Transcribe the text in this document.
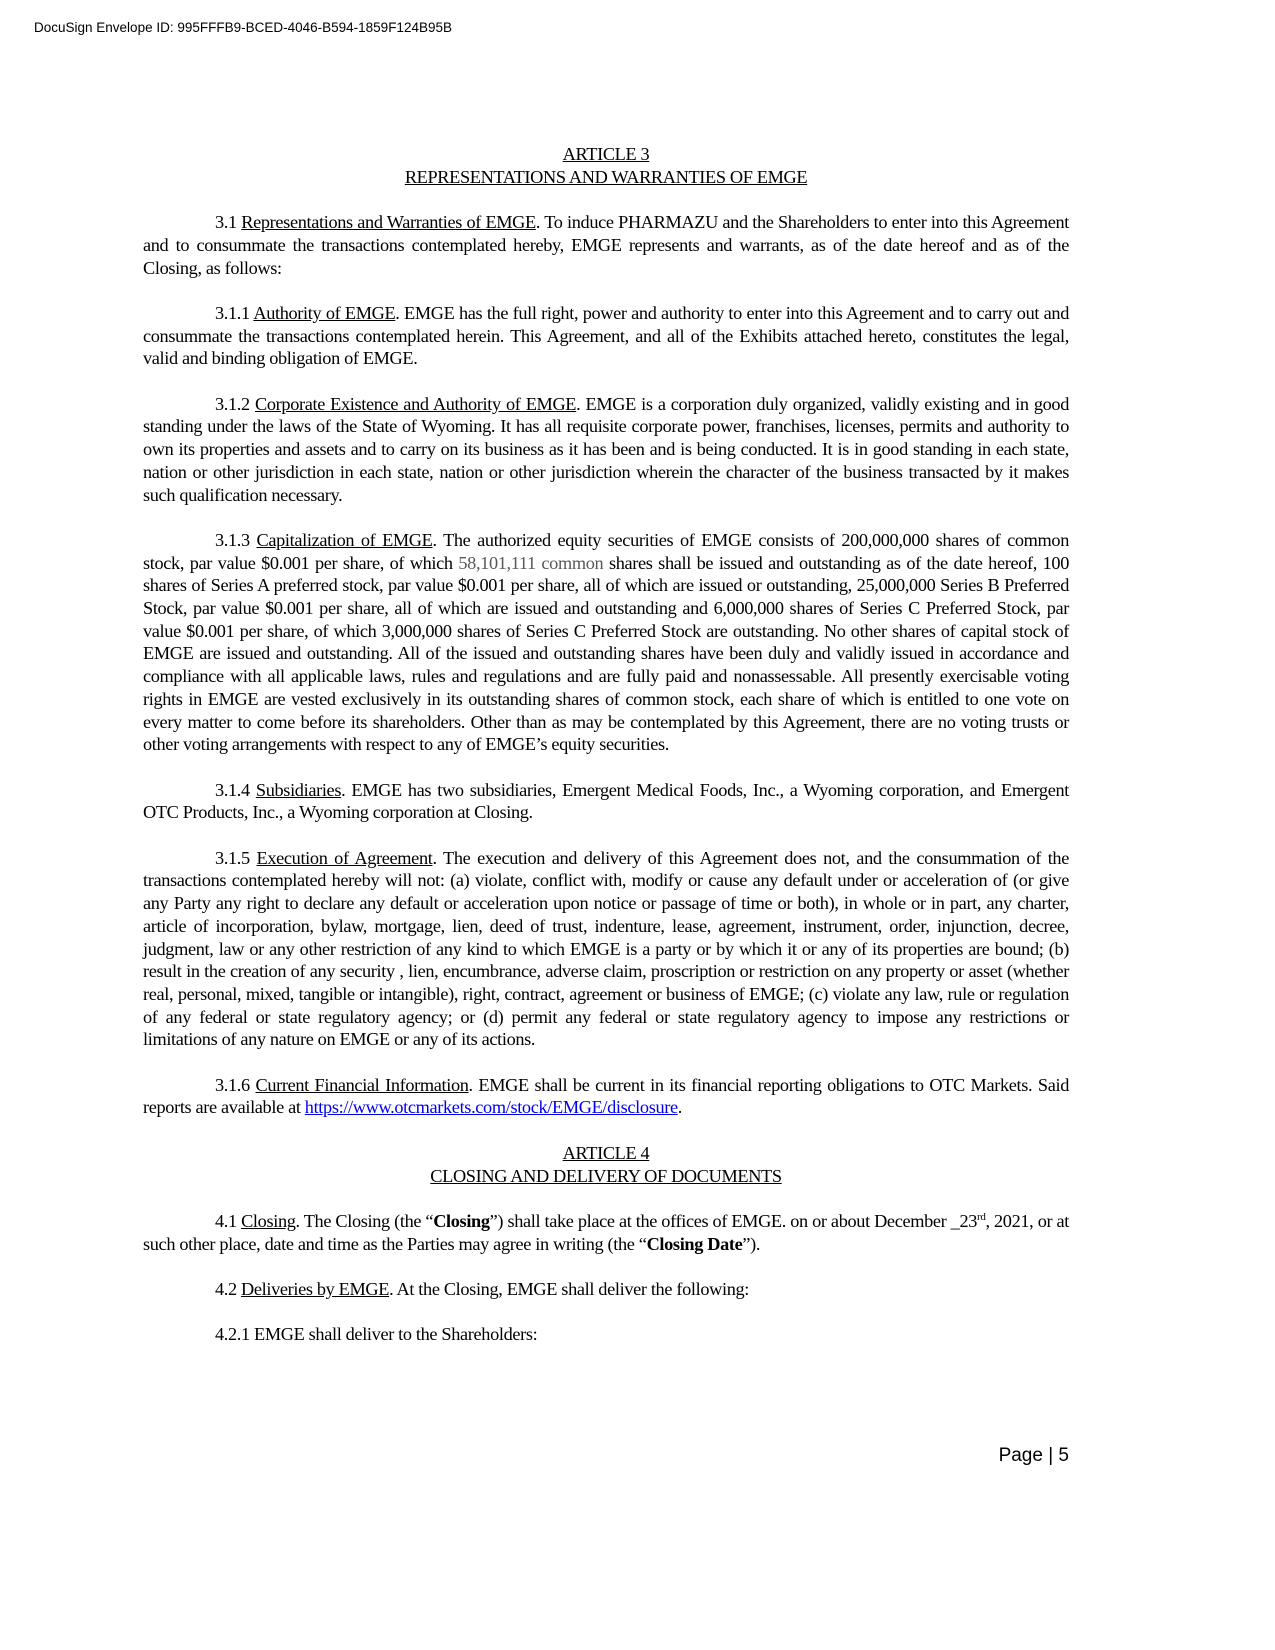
DocuSign Envelope ID: 995FFFB9-BCED-4046-B594-1859F124B95B
ARTICLE 3
REPRESENTATIONS AND WARRANTIES OF EMGE

3.1 Representations and Warranties of EMGE. To induce PHARMAZU and the Shareholders to enter into this Agreement and to consummate the transactions contemplated hereby, EMGE represents and warrants, as of the date hereof and as of the Closing, as follows:

3.1.1 Authority of EMGE. EMGE has the full right, power and authority to enter into this Agreement and to carry out and consummate the transactions contemplated herein. This Agreement, and all of the Exhibits attached hereto, constitutes the legal, valid and binding obligation of EMGE.

3.1.2 Corporate Existence and Authority of EMGE. EMGE is a corporation duly organized, validly existing and in good standing under the laws of the State of Wyoming. It has all requisite corporate power, franchises, licenses, permits and authority to own its properties and assets and to carry on its business as it has been and is being conducted. It is in good standing in each state, nation or other jurisdiction in each state, nation or other jurisdiction wherein the character of the business transacted by it makes such qualification necessary.

3.1.3 Capitalization of EMGE. The authorized equity securities of EMGE consists of 200,000,000 shares of common stock, par value $0.001 per share, of which 58,101,111 common shares shall be issued and outstanding as of the date hereof, 100 shares of Series A preferred stock, par value $0.001 per share, all of which are issued or outstanding, 25,000,000 Series B Preferred Stock, par value $0.001 per share, all of which are issued and outstanding and 6,000,000 shares of Series C Preferred Stock, par value $0.001 per share, of which 3,000,000 shares of Series C Preferred Stock are outstanding. No other shares of capital stock of EMGE are issued and outstanding. All of the issued and outstanding shares have been duly and validly issued in accordance and compliance with all applicable laws, rules and regulations and are fully paid and nonassessable. All presently exercisable voting rights in EMGE are vested exclusively in its outstanding shares of common stock, each share of which is entitled to one vote on every matter to come before its shareholders. Other than as may be contemplated by this Agreement, there are no voting trusts or other voting arrangements with respect to any of EMGE’s equity securities.

3.1.4 Subsidiaries. EMGE has two subsidiaries, Emergent Medical Foods, Inc., a Wyoming corporation, and Emergent OTC Products, Inc., a Wyoming corporation at Closing.

3.1.5 Execution of Agreement. The execution and delivery of this Agreement does not, and the consummation of the transactions contemplated hereby will not: (a) violate, conflict with, modify or cause any default under or acceleration of (or give any Party any right to declare any default or acceleration upon notice or passage of time or both), in whole or in part, any charter, article of incorporation, bylaw, mortgage, lien, deed of trust, indenture, lease, agreement, instrument, order, injunction, decree, judgment, law or any other restriction of any kind to which EMGE is a party or by which it or any of its properties are bound; (b) result in the creation of any security , lien, encumbrance, adverse claim, proscription or restriction on any property or asset (whether real, personal, mixed, tangible or intangible), right, contract, agreement or business of EMGE; (c) violate any law, rule or regulation of any federal or state regulatory agency; or (d) permit any federal or state regulatory agency to impose any restrictions or limitations of any nature on EMGE or any of its actions.

3.1.6 Current Financial Information. EMGE shall be current in its financial reporting obligations to OTC Markets. Said reports are available at https://www.otcmarkets.com/stock/EMGE/disclosure.

ARTICLE 4
CLOSING AND DELIVERY OF DOCUMENTS

4.1 Closing. The Closing (the “Closing”) shall take place at the offices of EMGE. on or about December _23rd, 2021, or at such other place, date and time as the Parties may agree in writing (the “Closing Date”).

4.2 Deliveries by EMGE. At the Closing, EMGE shall deliver the following:

4.2.1 EMGE shall deliver to the Shareholders:

Page | 5
